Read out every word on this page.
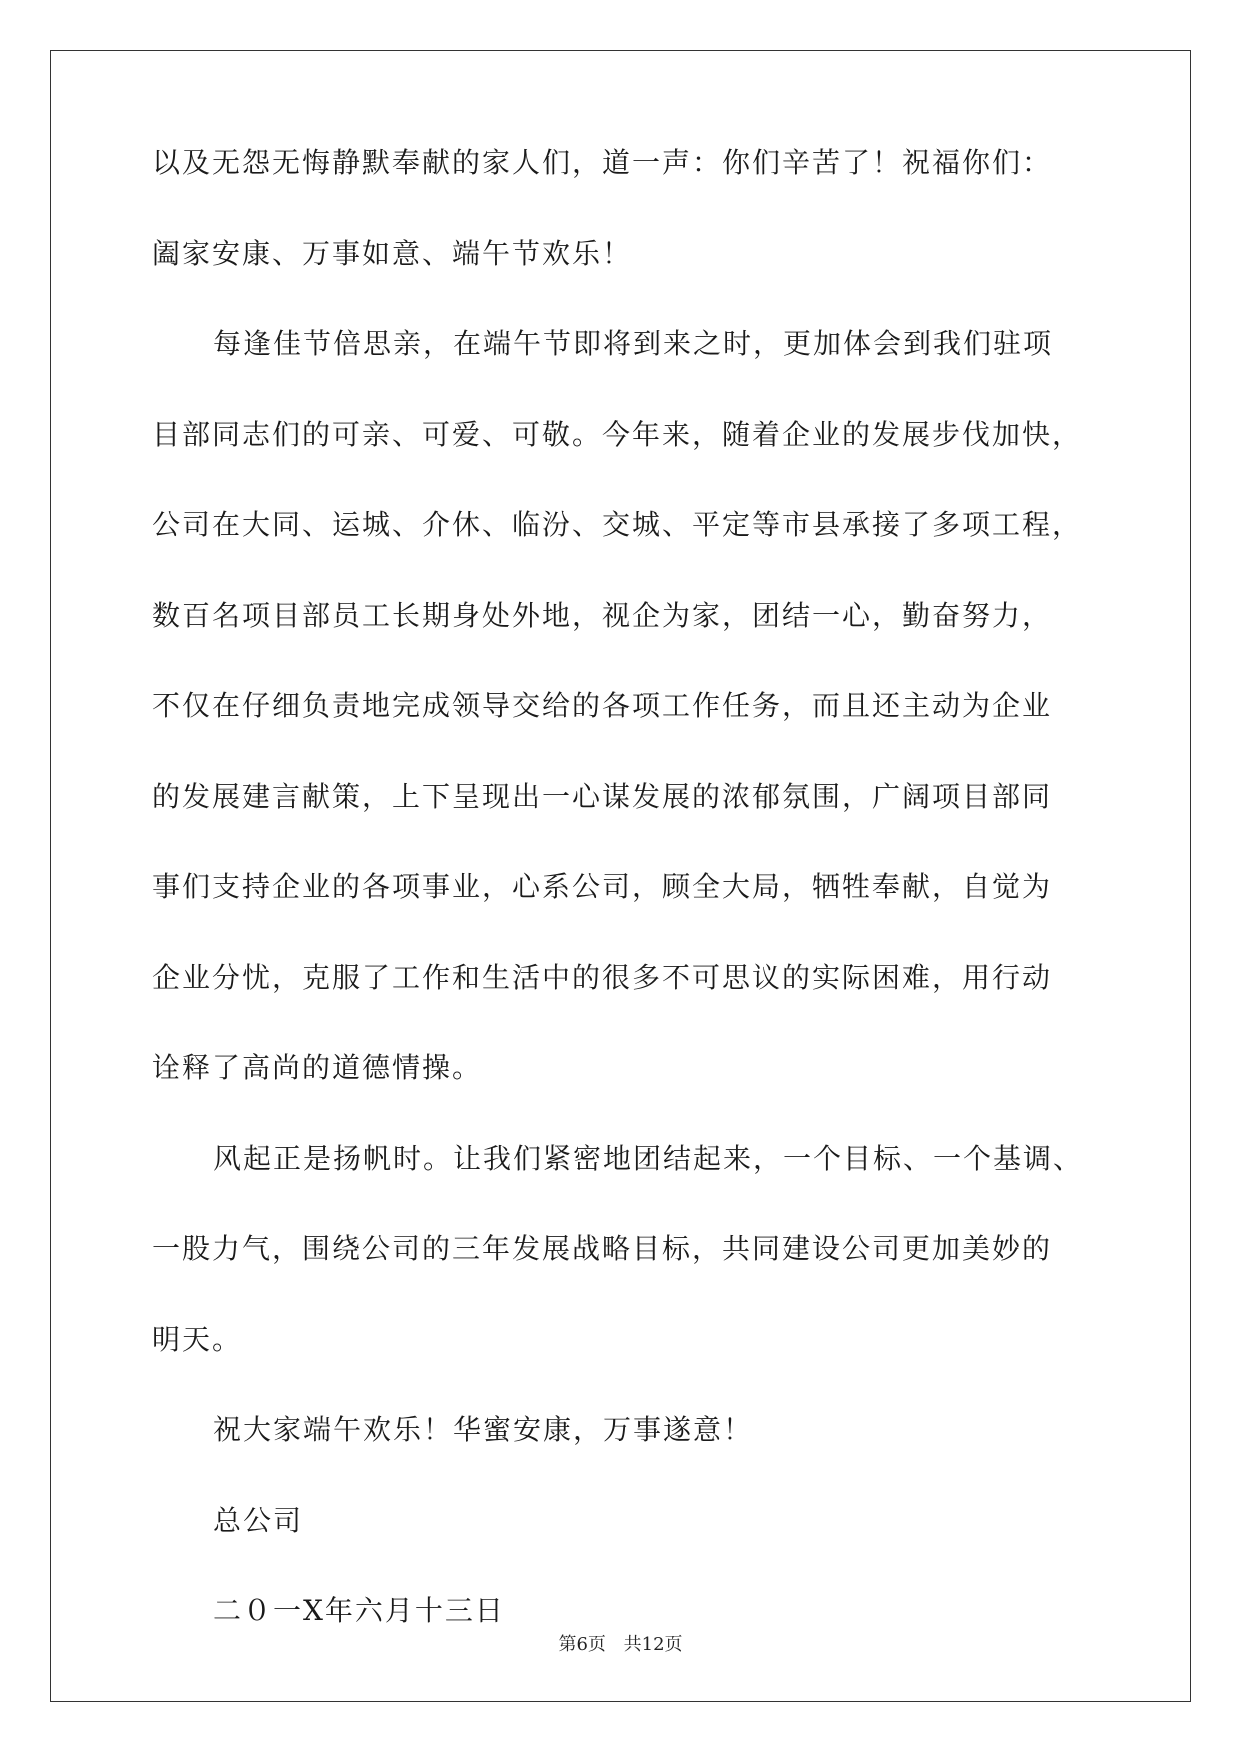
以及无怨无悔静默奉献的家人们，道一声：你们辛苦了！祝福你们：
阖家安康、万事如意、端午节欢乐！
每逢佳节倍思亲，在端午节即将到来之时，更加体会到我们驻项
目部同志们的可亲、可爱、可敬。今年来，随着企业的发展步伐加快，
公司在大同、运城、介休、临汾、交城、平定等市县承接了多项工程，
数百名项目部员工长期身处外地，视企为家，团结一心，勤奋努力，
不仅在仔细负责地完成领导交给的各项工作任务，而且还主动为企业
的发展建言献策，上下呈现出一心谋发展的浓郁氛围，广阔项目部同
事们支持企业的各项事业，心系公司，顾全大局，牺牲奉献，自觉为
企业分忧，克服了工作和生活中的很多不可思议的实际困难，用行动
诠释了高尚的道德情操。
风起正是扬帆时。让我们紧密地团结起来，一个目标、一个基调、
一股力气，围绕公司的三年发展战略目标，共同建设公司更加美妙的
明天。
祝大家端午欢乐！华蜜安康，万事遂意！
总公司
二０一X年六月十三日
第6页 共12页
